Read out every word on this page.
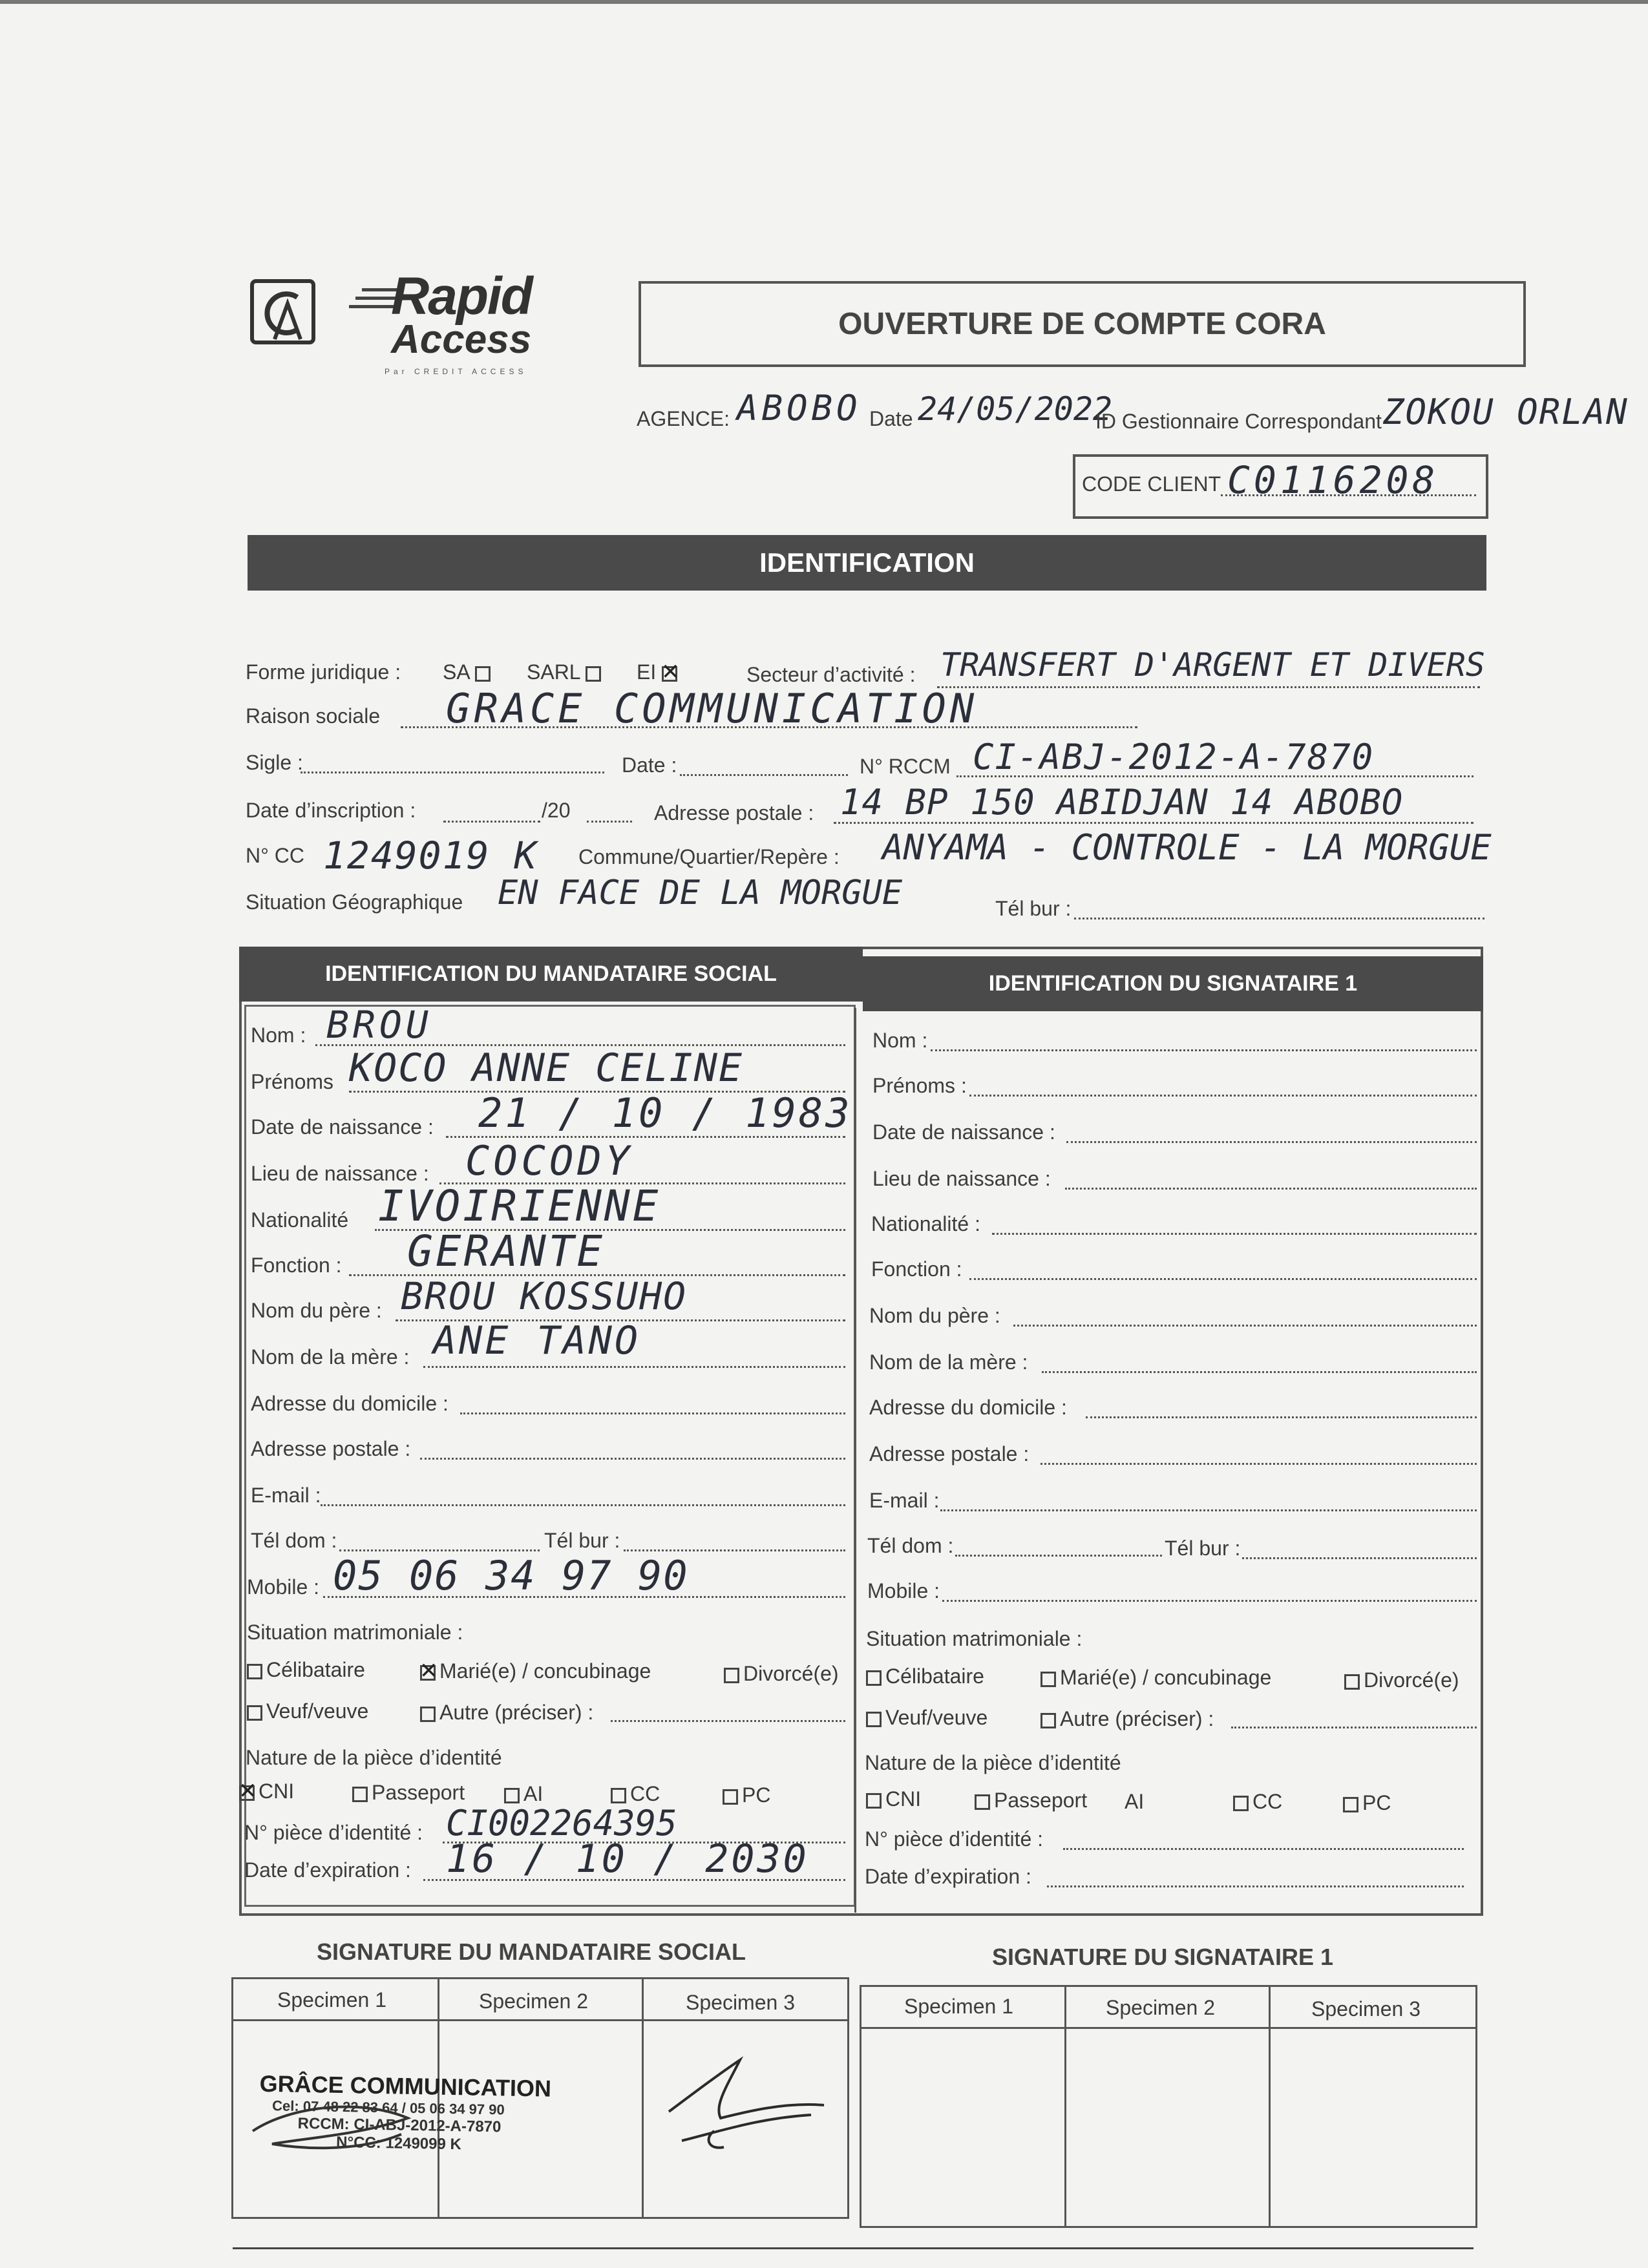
Rapid
Access
Par CREDIT ACCESS
OUVERTURE DE COMPTE CORA
AGENCE: ABOBO Date 24/05/2022
ID Gestionnaire Correspondant ZOKOU ORLAN
CODE CLIENT C0116208
IDENTIFICATION
Forme juridique : SA	SARL	EI ✕	Secteur d’activité : TRANSFERT D'ARGENT ET DIVERS
Raison sociale GRACE COMMUNICATION
Sigle :	Date :	N° RCCM CI-ABJ-2012-A-7870
Date d’inscription :	/20	Adresse postale : 14 BP 150 ABIDJAN 14 ABOBO
N° CC 1249019 K Commune/Quartier/Repère : ANYAMA - CONTROLE - LA MORGUE
Situation Géographique EN FACE DE LA MORGUE	Tél bur :
IDENTIFICATION DU MANDATAIRE SOCIAL	IDENTIFICATION DU SIGNATAIRE 1
Nom : BROU
Prénoms KOCO ANNE CELINE
Date de naissance : 21 / 10 / 1983
Lieu de naissance : COCODY
Nationalité IVOIRIENNE
Fonction : GERANTE
Nom du père : BROU KOSSUHO
Nom de la mère : ANE TANO
Adresse du domicile :
Adresse postale :
E-mail :
Tél dom :	Tél bur :
Mobile : 05 06 34 97 90
Situation matrimoniale :
Célibataire ✕	Marié(e) / concubinage	Divorcé(e)
Veuf/veuve	Autre (préciser) :
Nature de la pièce d’identité
✕CNI	Passeport	AI	CC	PC
N° pièce d’identité : CI002264395
Date d’expiration : 16 / 10 / 2030
Nom :
Prénoms :
Date de naissance :
Lieu de naissance :
Nationalité :
Fonction :
Nom du père :
Nom de la mère :
Adresse du domicile :
Adresse postale :
E-mail :
Tél dom :	Tél bur :
Mobile :
Situation matrimoniale :
Célibataire	Marié(e) / concubinage	Divorcé(e)
Veuf/veuve	Autre (préciser) :
Nature de la pièce d’identité
CNI	Passeport AI	CC	PC
N° pièce d’identité :
Date d’expiration :
SIGNATURE DU MANDATAIRE SOCIAL	SIGNATURE DU SIGNATAIRE 1
Specimen 1	Specimen 2	Specimen 3
GRÂCE COMMUNICATION
Cel: 07 48 22 83 64 / 05 06 34 97 90
RCCM: CI-ABJ-2012-A-7870
N°CC: 1249099 K
Specimen 1	Specimen 2	Specimen 3
